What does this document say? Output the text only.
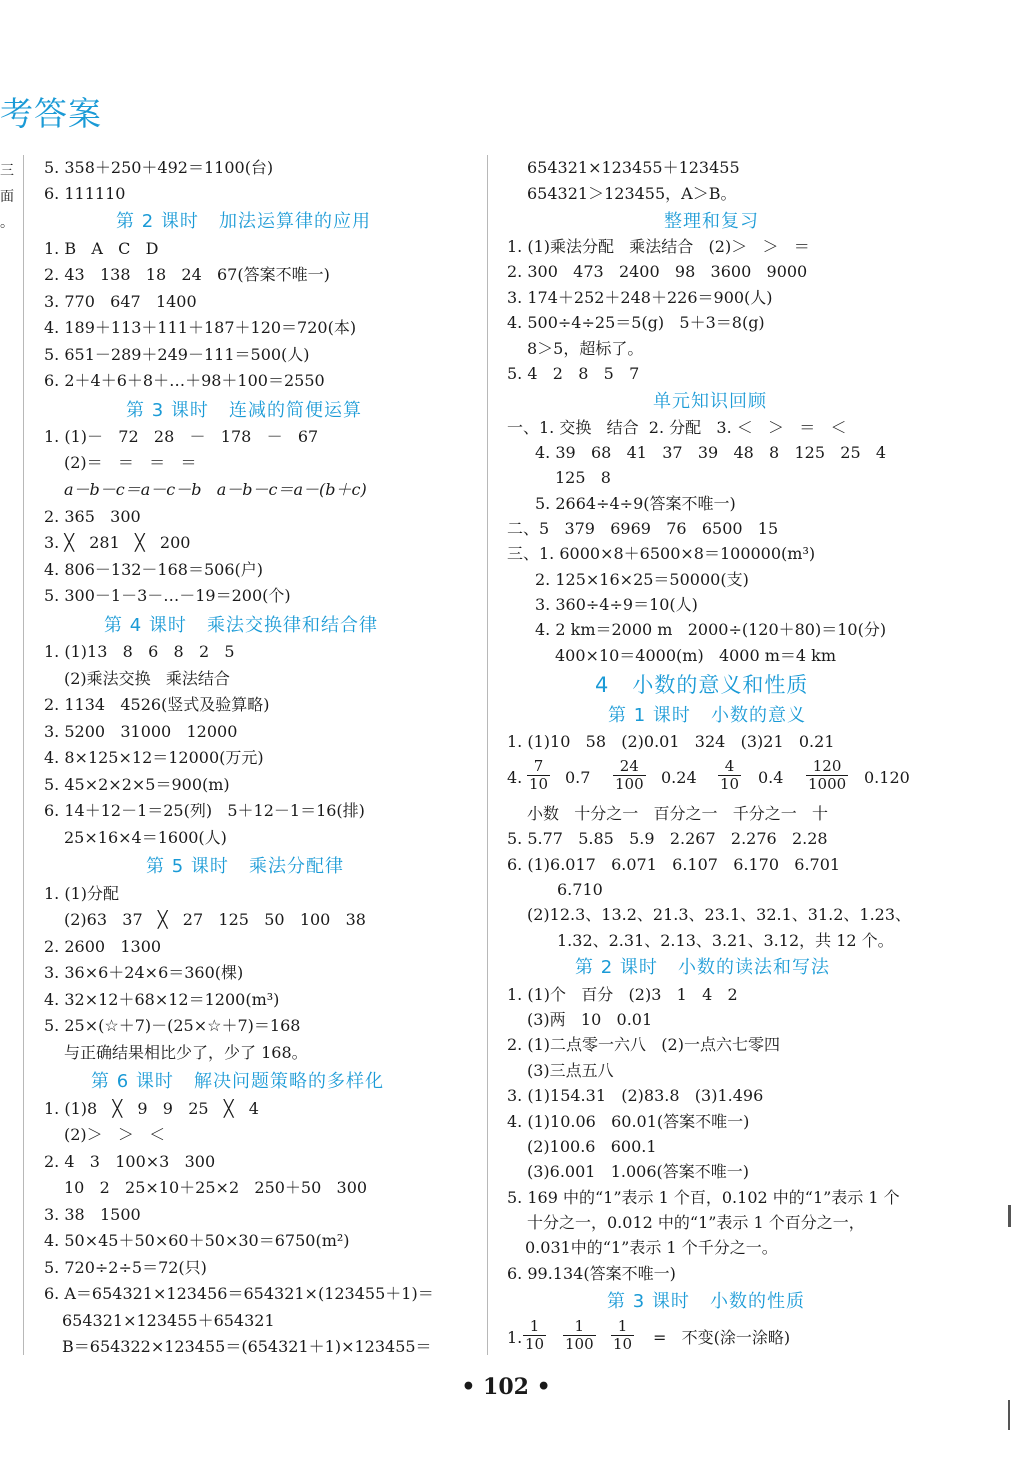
考答案
三
面
。
5. 358＋250＋492＝1100(台)
6. 111110
第 2 课时   加法运算律的应用
1. B   A   C   D
2. 43   138   18   24   67(答案不唯一)
3. 770   647   1400
4. 189＋113＋111＋187＋120＝720(本)
5. 651－289＋249－111＝500(人)
6. 2＋4＋6＋8＋…＋98＋100＝2550
第 3 课时   连减的简便运算
1. (1)－   72   28   －   178   －   67
(2)＝   ＝   ＝   ＝
a－b－c＝a－c－b   a－b－c＝a－(b＋c)
2. 365   300
3. ╳   281   ╳   200
4. 806－132－168＝506(户)
5. 300－1－3－…－19＝200(个)
第 4 课时   乘法交换律和结合律
1. (1)13   8   6   8   2   5
(2)乘法交换   乘法结合
2. 1134   4526(竖式及验算略)
3. 5200   31000   12000
4. 8×125×12＝12000(万元)
5. 45×2×2×5＝900(m)
6. 14＋12－1＝25(列)   5＋12－1＝16(排)
25×16×4＝1600(人)
第 5 课时   乘法分配律
1. (1)分配
(2)63   37   ╳   27   125   50   100   38
2. 2600   1300
3. 36×6＋24×6＝360(棵)
4. 32×12＋68×12＝1200(m³)
5. 25×(☆＋7)－(25×☆＋7)＝168
与正确结果相比少了，少了 168。
第 6 课时   解决问题策略的多样化
1. (1)8   ╳   9   9   25   ╳   4
(2)＞   ＞   ＜
2. 4   3   100×3   300
10   2   25×10＋25×2   250＋50   300
3. 38   1500
4. 50×45＋50×60＋50×30＝6750(m²)
5. 720÷2÷5＝72(只)
6. A＝654321×123456＝654321×(123455＋1)＝
654321×123455＋654321
B＝654322×123455＝(654321＋1)×123455＝
654321×123455＋123455
654321＞123455，A＞B。
整理和复习
1. (1)乘法分配   乘法结合   (2)＞   ＞   ＝
2. 300   473   2400   98   3600   9000
3. 174＋252＋248＋226＝900(人)
4. 500÷4÷25＝5(g)   5＋3＝8(g)
8＞5，超标了。
5. 4   2   8   5   7
单元知识回顾
一、1. 交换   结合  2. 分配   3. ＜   ＞   ＝   ＜
4. 39   68   41   37   39   48   8   125   25   4
125   8
5. 2664÷4÷9(答案不唯一)
二、5   379   6969   76   6500   15
三、1. 6000×8＋6500×8＝100000(m³)
2. 125×16×25＝50000(支)
3. 360÷4÷9＝10(人)
4. 2 km＝2000 m   2000÷(120＋80)＝10(分)
400×10＝4000(m)   4000 m＝4 km
4   小数的意义和性质
第 1 课时   小数的意义
1. (1)10   58   (2)0.01   324   (3)21   0.21
4.
7
10 0.7
24
100 0.24
4
10 0.4
120
1000 0.120
小数   十分之一   百分之一   千分之一   十
5. 5.77   5.85   5.9   2.267   2.276   2.28
6. (1)6.017   6.071   6.107   6.170   6.701
6.710
(2)12.3、13.2、21.3、23.1、32.1、31.2、1.23、
1.32、2.31、2.13、3.21、3.12，共 12 个。
第 2 课时   小数的读法和写法
1. (1)个   百分   (2)3   1   4   2
(3)两   10   0.01
2. (1)二点零一六八   (2)一点六七零四
(3)三点五八
3. (1)154.31   (2)83.8   (3)1.496
4. (1)10.06   60.01(答案不唯一)
(2)100.6   600.1
(3)6.001   1.006(答案不唯一)
5. 169 中的“1”表示 1 个百，0.102 中的“1”表示 1 个
十分之一，0.012 中的“1”表示 1 个百分之一，
0.031中的“1”表示 1 个千分之一。
6. 99.134(答案不唯一)
第 3 课时   小数的性质
1.
1
10
1
100
1
10 =   不变(涂一涂略)
• 102 •
